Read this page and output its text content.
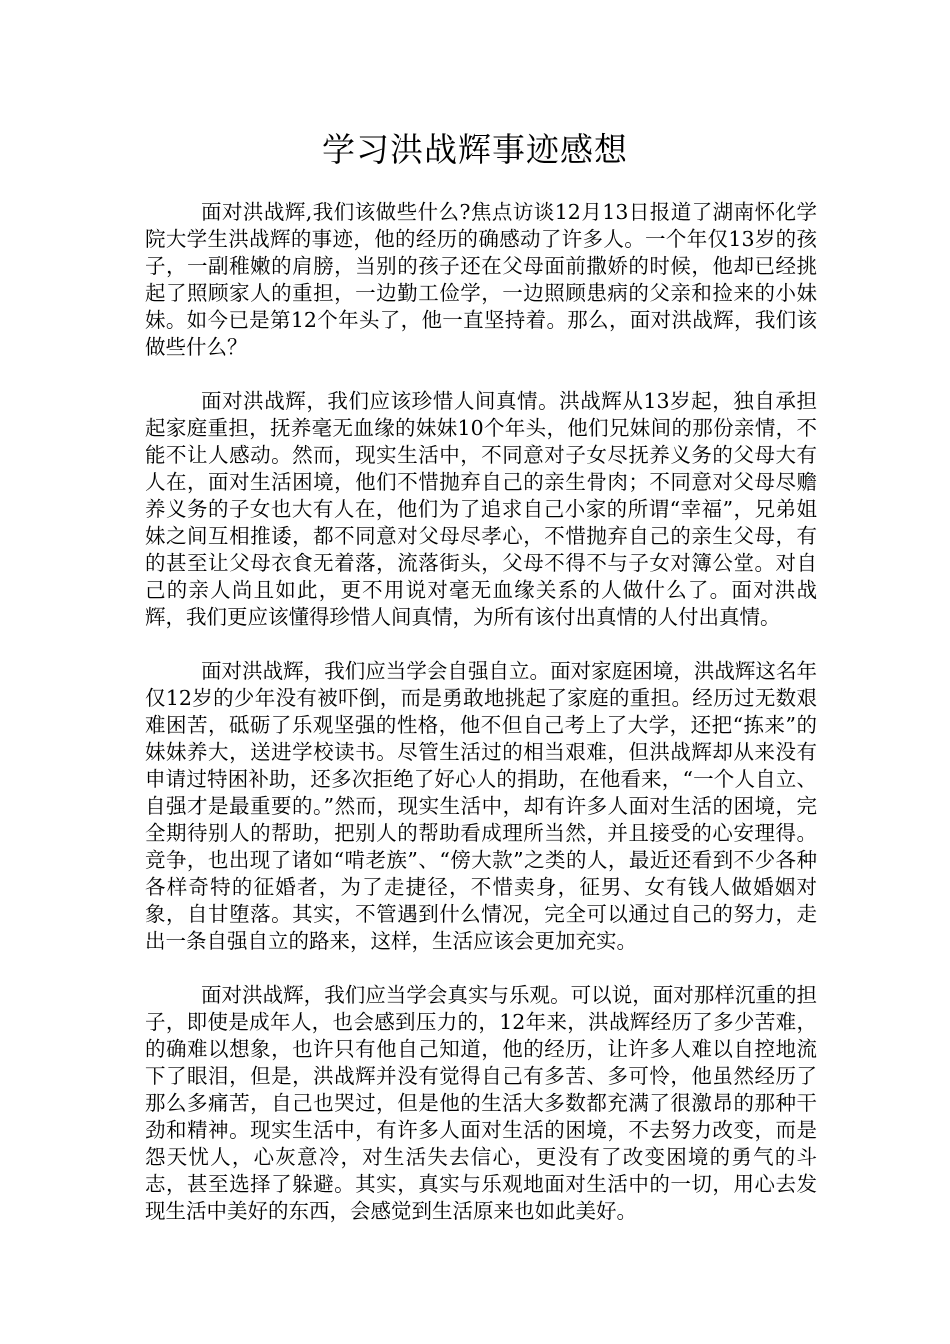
学习洪战辉事迹感想

面对洪战辉,我们该做些什么?焦点访谈12月13日报道了湖南怀化学院大学生洪战辉的事迹，他的经历的确感动了许多人。一个年仅13岁的孩子，一副稚嫩的肩膀，当别的孩子还在父母面前撒娇的时候，他却已经挑起了照顾家人的重担，一边勤工俭学，一边照顾患病的父亲和捡来的小妹妹。如今已是第12个年头了，他一直坚持着。那么，面对洪战辉，我们该做些什么？

面对洪战辉，我们应该珍惜人间真情。洪战辉从13岁起，独自承担起家庭重担，抚养毫无血缘的妹妹10个年头，他们兄妹间的那份亲情，不能不让人感动。然而，现实生活中，不同意对子女尽抚养义务的父母大有人在，面对生活困境，他们不惜抛弃自己的亲生骨肉；不同意对父母尽赡养义务的子女也大有人在，他们为了追求自己小家的所谓“幸福”，兄弟姐妹之间互相推诿，都不同意对父母尽孝心，不惜抛弃自己的亲生父母，有的甚至让父母衣食无着落，流落街头，父母不得不与子女对簿公堂。对自己的亲人尚且如此，更不用说对毫无血缘关系的人做什么了。面对洪战辉，我们更应该懂得珍惜人间真情，为所有该付出真情的人付出真情。

面对洪战辉，我们应当学会自强自立。面对家庭困境，洪战辉这名年仅12岁的少年没有被吓倒，而是勇敢地挑起了家庭的重担。经历过无数艰难困苦，砥砺了乐观坚强的性格，他不但自己考上了大学，还把“拣来”的妹妹养大，送进学校读书。尽管生活过的相当艰难，但洪战辉却从来没有申请过特困补助，还多次拒绝了好心人的捐助，在他看来，“一个人自立、自强才是最重要的。”然而，现实生活中，却有许多人面对生活的困境，完全期待别人的帮助，把别人的帮助看成理所当然，并且接受的心安理得。竞争，也出现了诸如“啃老族”、“傍大款”之类的人，最近还看到不少各种各样奇特的征婚者，为了走捷径，不惜卖身，征男、女有钱人做婚姻对象，自甘堕落。其实，不管遇到什么情况，完全可以通过自己的努力，走出一条自强自立的路来，这样，生活应该会更加充实。

面对洪战辉，我们应当学会真实与乐观。可以说，面对那样沉重的担子，即使是成年人，也会感到压力的，12年来，洪战辉经历了多少苦难，的确难以想象，也许只有他自己知道，他的经历，让许多人难以自控地流下了眼泪，但是，洪战辉并没有觉得自己有多苦、多可怜，他虽然经历了那么多痛苦，自己也哭过，但是他的生活大多数都充满了很激昂的那种干劲和精神。现实生活中，有许多人面对生活的困境，不去努力改变，而是怨天忧人，心灰意冷，对生活失去信心，更没有了改变困境的勇气的斗志，甚至选择了躲避。其实，真实与乐观地面对生活中的一切，用心去发现生活中美好的东西，会感觉到生活原来也如此美好。
